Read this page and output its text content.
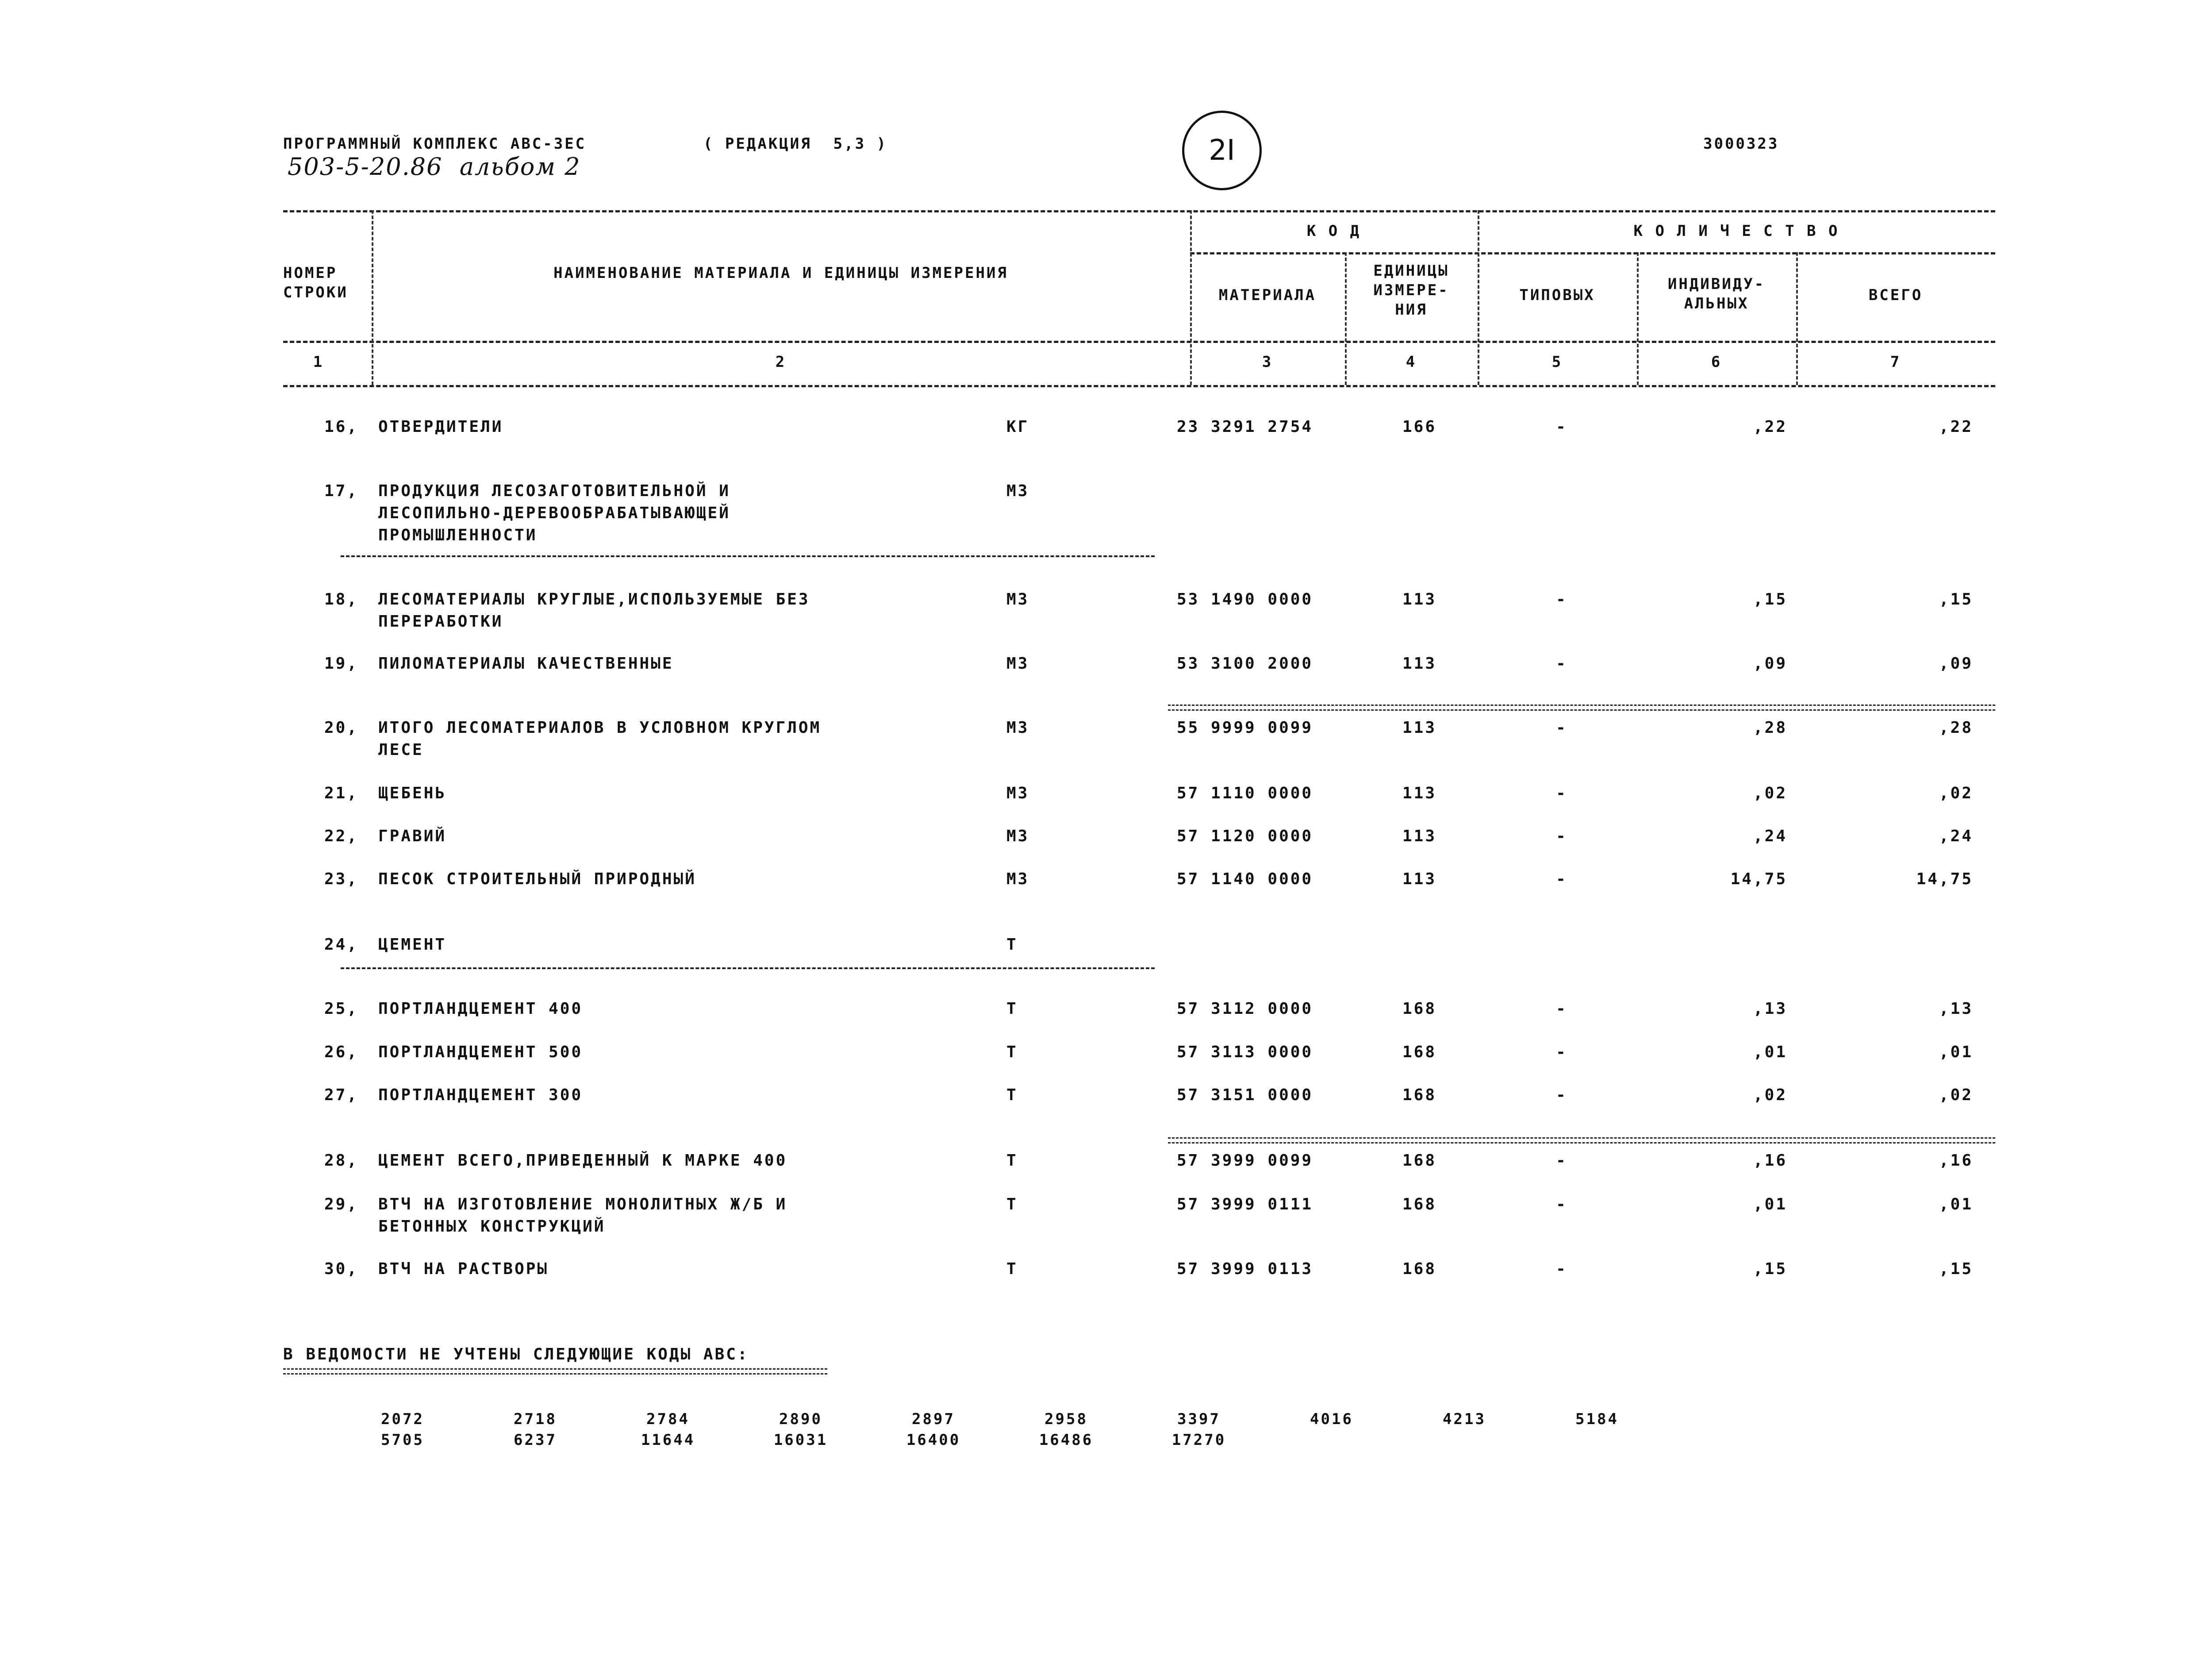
ПРОГРАММНЫЙ КОМПЛЕКС АВС-ЗЕС	( РЕДАКЦИЯ  5,3 )
503-5-20.86  альбом 2	2I	3000323
НОМЕР
СТРОКИ
НАИМЕНОВАНИЕ МАТЕРИАЛА И ЕДИНИЦЫ ИЗМЕРЕНИЯ
К О Д
МАТЕРИАЛА
ЕДИНИЦЫ
ИЗМЕРЕ-
НИЯ
К О Л И Ч Е С Т В О
ТИПОВЫХ
ИНДИВИДУ-
АЛЬНЫХ	ВСЕГО
1	2	3	4	5	6	7
16, ОТВЕРДИТЕЛИ	КГ	23 3291 2754	166	-	,22	,22
17, ПРОДУКЦИЯ ЛЕСОЗАГОТОВИТЕЛЬНОЙ И
ЛЕСОПИЛЬНО-ДЕРЕВООБРАБАТЫВАЮЩЕЙ
ПРОМЫШЛЕННОСТИ
М3
18, ЛЕСОМАТЕРИАЛЫ КРУГЛЫЕ,ИСПОЛЬЗУЕМЫЕ БЕЗ
ПЕРЕРАБОТКИ
М3	53 1490 0000	113	-	,15	,15
19, ПИЛОМАТЕРИАЛЫ КАЧЕСТВЕННЫЕ	М3	53 3100 2000	113	-	,09	,09
20, ИТОГО ЛЕСОМАТЕРИАЛОВ В УСЛОВНОМ КРУГЛОМ
ЛЕСЕ
М3	55 9999 0099	113	-	,28	,28
21, ЩЕБЕНЬ	М3	57 1110 0000	113	-	,02	,02
22, ГРАВИЙ	М3	57 1120 0000	113	-	,24	,24
23, ПЕСОК СТРОИТЕЛЬНЫЙ ПРИРОДНЫЙ	М3	57 1140 0000	113	-	14,75	14,75
24, ЦЕМЕНТ	Т
25, ПОРТЛАНДЦЕМЕНТ 400	Т	57 3112 0000	168	-	,13	,13
26, ПОРТЛАНДЦЕМЕНТ 500	Т	57 3113 0000	168	-	,01	,01
27, ПОРТЛАНДЦЕМЕНТ 300	Т	57 3151 0000	168	-	,02	,02
28, ЦЕМЕНТ ВСЕГО,ПРИВЕДЕННЫЙ К МАРКЕ 400	Т	57 3999 0099	168	-	,16	,16
29, ВТЧ НА ИЗГОТОВЛЕНИЕ МОНОЛИТНЫХ Ж/Б И
БЕТОННЫХ КОНСТРУКЦИЙ
Т	57 3999 0111	168	-	,01	,01
30, ВТЧ НА РАСТВОРЫ	Т	57 3999 0113	168	-	,15	,15
В ВЕДОМОСТИ НЕ УЧТЕНЫ СЛЕДУЮЩИЕ КОДЫ АВС:
2072	2718	2784	2890	2897	2958	3397	4016	4213	5184
5705	6237	11644	16031	16400	16486	17270
